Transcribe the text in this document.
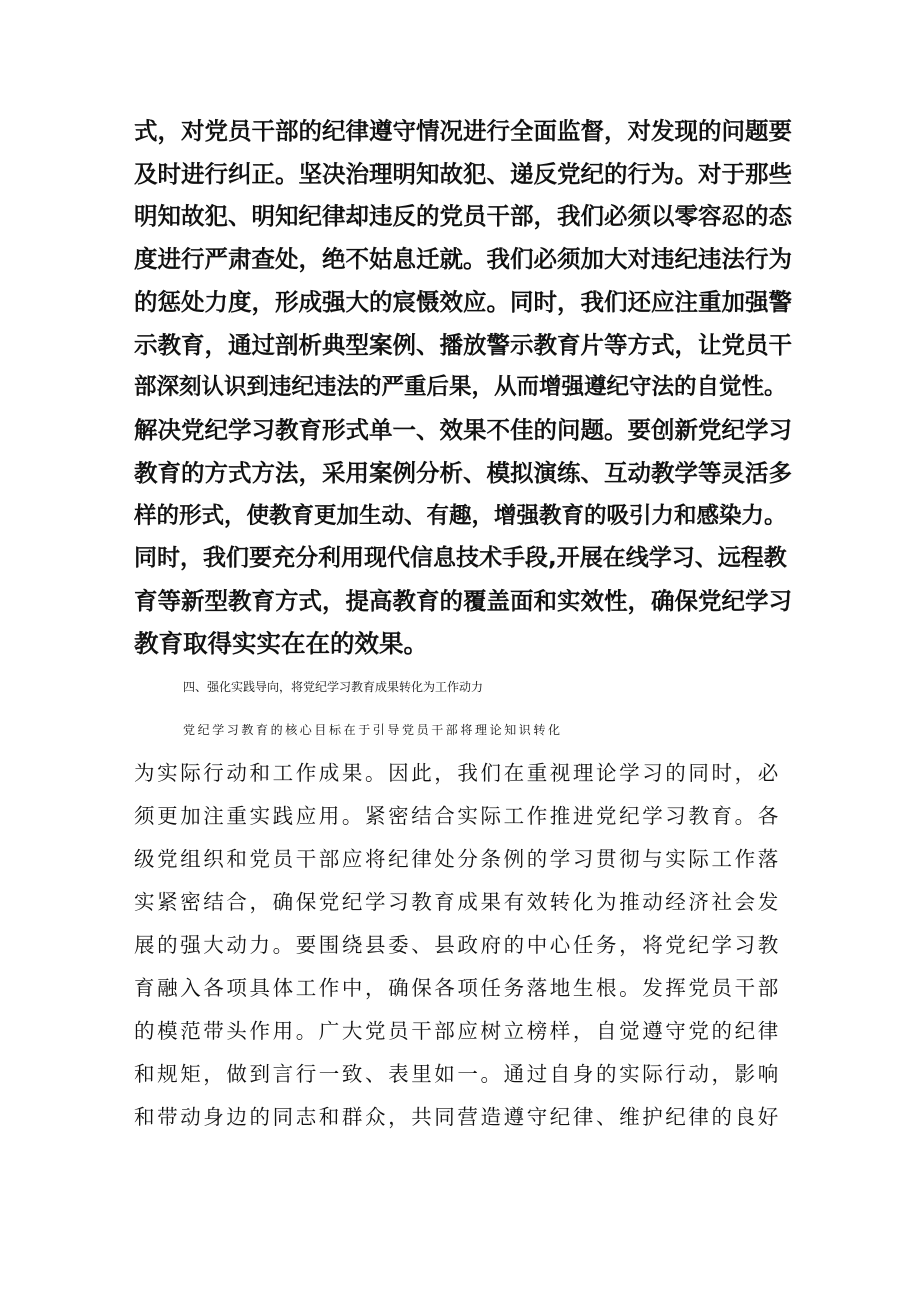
式，对党员干部的纪律遵守情况进行全面监督，对发现的问题要
及时进行纠正。坚决治理明知故犯、递反党纪的行为。对于那些
明知故犯、明知纪律却违反的党员干部，我们必须以零容忍的态
度进行严肃查处，绝不姑息迁就。我们必须加大对违纪违法行为
的惩处力度，形成强大的宸慑效应。同时，我们还应注重加强警
示教育，通过剖析典型案例、播放警示教育片等方式，让党员干
部深刻认识到违纪违法的严重后果，从而增强遵纪守法的自觉性。
解决党纪学习教育形式单一、效果不佳的问题。要创新党纪学习
教育的方式方法，采用案例分析、模拟演练、互动教学等灵活多
样的形式，使教育更加生动、有趣，增强教育的吸引力和感染力。
同时，我们要充分利用现代信息技术手段,开展在线学习、远程教
育等新型教育方式，提高教育的覆盖面和实效性，确保党纪学习
教育取得实实在在的效果。
四、强化实践导向，将党纪学习教育成果转化为工作动力
党纪学习教育的核心目标在于引导党员干部将理论知识转化
为实际行动和工作成果。因此，我们在重视理论学习的同时，必
须更加注重实践应用。紧密结合实际工作推进党纪学习教育。各
级党组织和党员干部应将纪律处分条例的学习贯彻与实际工作落
实紧密结合，确保党纪学习教育成果有效转化为推动经济社会发
展的强大动力。要围绕县委、县政府的中心任务，将党纪学习教
育融入各项具体工作中，确保各项任务落地生根。发挥党员干部
的模范带头作用。广大党员干部应树立榜样，自觉遵守党的纪律
和规矩，做到言行一致、表里如一。通过自身的实际行动，影响
和带动身边的同志和群众，共同营造遵守纪律、维护纪律的良好
